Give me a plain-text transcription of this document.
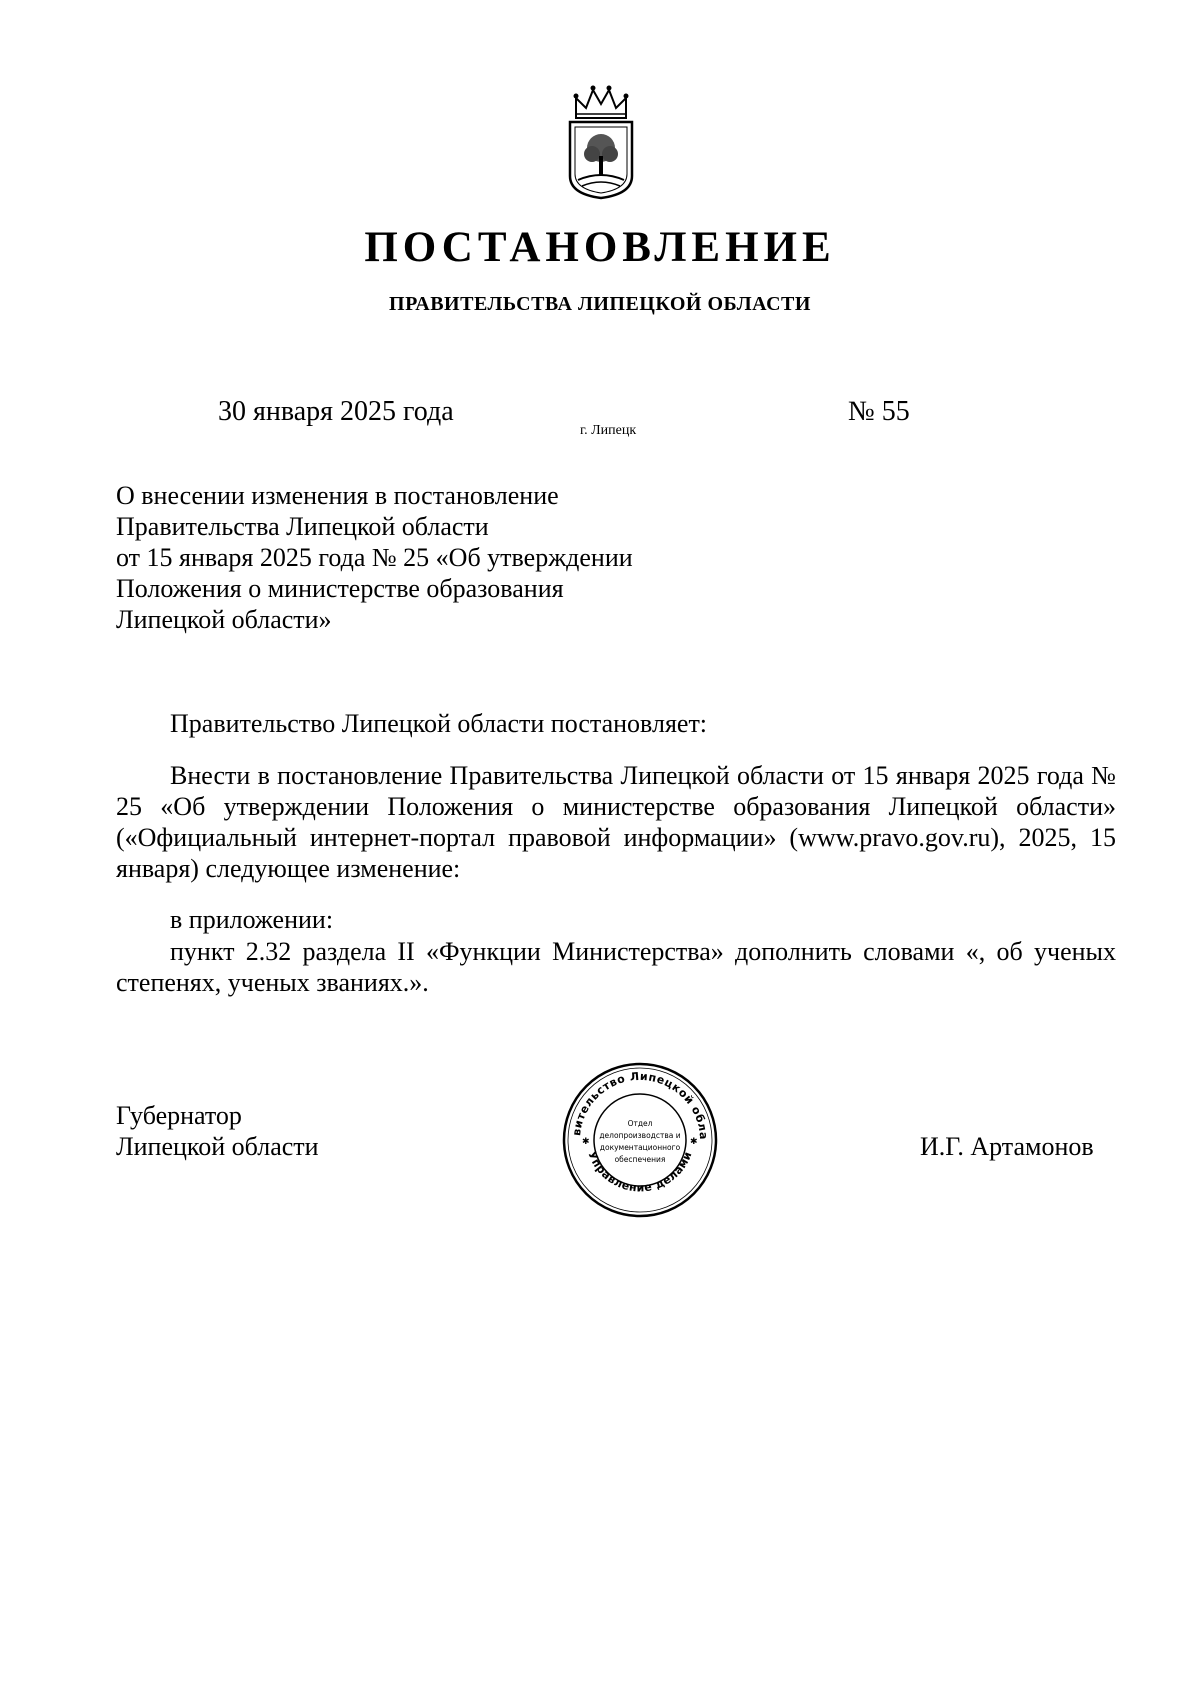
ПОСТАНОВЛЕНИЕ
ПРАВИТЕЛЬСТВА ЛИПЕЦКОЙ ОБЛАСТИ
30 января 2025 года
г. Липецк
№ 55
О внесении изменения в постановление
Правительства Липецкой области
от 15 января 2025 года № 25 «Об утверждении
Положения о министерстве образования
Липецкой области»
Правительство Липецкой области постановляет:
Внести в постановление Правительства Липецкой области от 15 января 2025 года № 25 «Об утверждении Положения о министерстве образования Липецкой области» («Официальный интернет-портал правовой информации» (www.pravo.gov.ru), 2025, 15 января) следующее изменение:
в приложении:
пункт 2.32 раздела II «Функции Министерства» дополнить словами «, об ученых степенях, ученых званиях.».
Губернатор
Липецкой области	И.Г. Артамонов
вительство Липецкой обла
Управление делами
✱	✱
Отдел
делопроизводства и
документационного
обеспечения
